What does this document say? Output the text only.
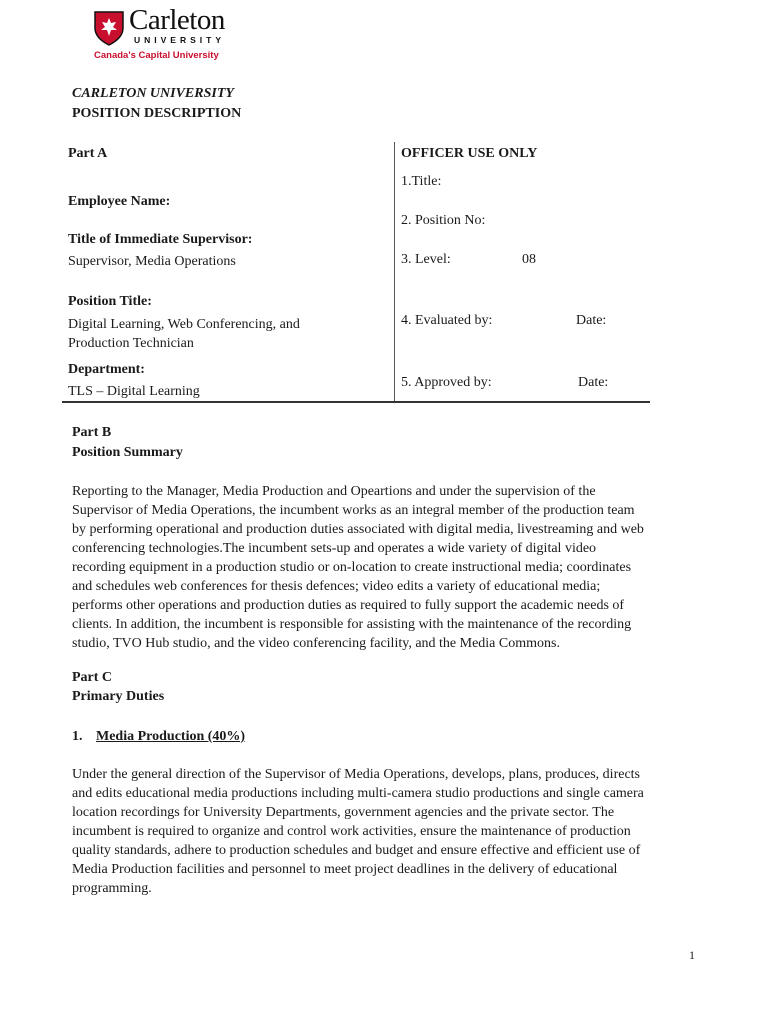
Carleton
UNIVERSITY
Canada's Capital University
CARLETON UNIVERSITY
POSITION DESCRIPTION
Part A
Employee Name:
Title of Immediate Supervisor:
Supervisor, Media Operations
Position Title:
Digital Learning, Web Conferencing, and
Production Technician
Department:
TLS – Digital Learning
OFFICER USE ONLY
1.Title:
2. Position No:
3. Level:	08
4. Evaluated by:	Date:
5. Approved by:	Date:
Part B
Position Summary
Reporting to the Manager, Media Production and Opeartions and under the supervision of the
Supervisor of Media Operations, the incumbent works as an integral member of the production team
by performing operational and production duties associated with digital media, livestreaming and web
conferencing technologies.The incumbent sets-up and operates a wide variety of digital video
recording equipment in a production studio or on-location to create instructional media; coordinates
and schedules web conferences for thesis defences; video edits a variety of educational media;
performs other operations and production duties as required to fully support the academic needs of
clients. In addition, the incumbent is responsible for assisting with the maintenance of the recording
studio, TVO Hub studio, and the video conferencing facility, and the Media Commons.
Part C
Primary Duties
1. Media Production (40%)
Under the general direction of the Supervisor of Media Operations, develops, plans, produces, directs
and edits educational media productions including multi-camera studio productions and single camera
location recordings for University Departments, government agencies and the private sector. The
incumbent is required to organize and control work activities, ensure the maintenance of production
quality standards, adhere to production schedules and budget and ensure effective and efficient use of
Media Production facilities and personnel to meet project deadlines in the delivery of educational
programming.
1
